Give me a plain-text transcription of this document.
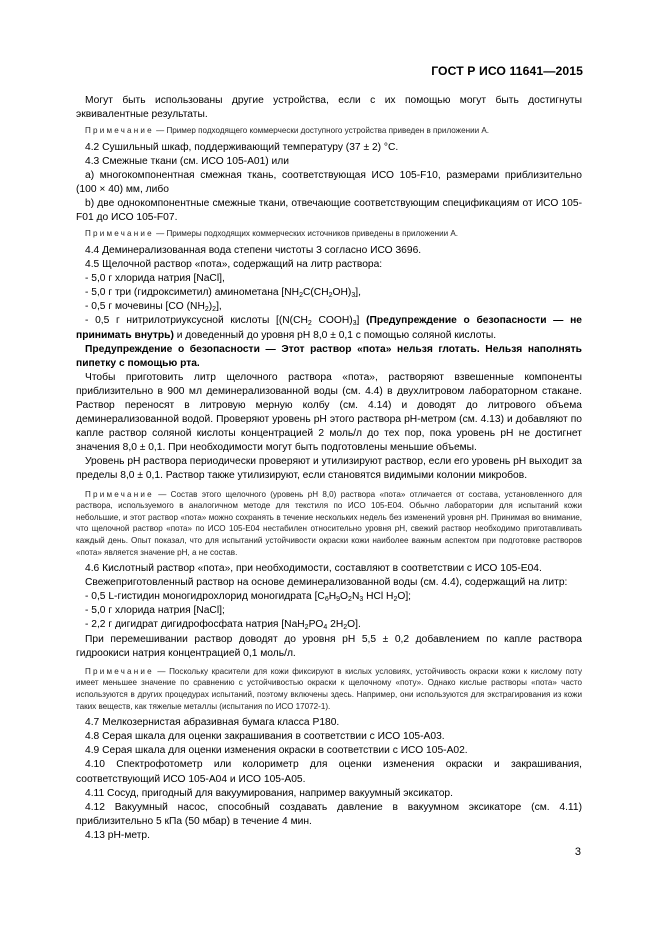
ГОСТ Р ИСО 11641—2015

Могут быть использованы другие устройства, если с их помощью могут быть достигнуты эквивалентные результаты.

Примечание — Пример подходящего коммерчески доступного устройства приведен в приложении А.

4.2 Сушильный шкаф, поддерживающий температуру (37 ± 2) °C.

4.3 Смежные ткани (см. ИСО 105-A01) или

а) многокомпонентная смежная ткань, соответствующая ИСО 105-F10, размерами приблизительно (100 × 40) мм, либо

b) две однокомпонентные смежные ткани, отвечающие соответствующим спецификациям от ИСО 105-F01 до ИСО 105-F07.

Примечание — Примеры подходящих коммерческих источников приведены в приложении А.

4.4 Деминерализованная вода степени чистоты 3 согласно ИСО 3696.

4.5 Щелочной раствор «пота», содержащий на литр раствора:

- 5,0 г хлорида натрия [NaCl],

- 5,0 г три (гидроксиметил) аминометана $[NH_2C(CH_2OH)_3]$,

- 0,5 г мочевины [CO $(NH_2)_2$],

- 0,5 г нитрилотриуксусной кислоты [($N(CH_2$ $COOH)_3$] (Предупреждение о безопасности — не принимать внутрь) и доведенный до уровня pH 8,0 ± 0,1 с помощью соляной кислоты.

Предупреждение о безопасности — Этот раствор «пота» нельзя глотать. Нельзя наполнять пипетку с помощью рта.

Чтобы приготовить литр щелочного раствора «пота», растворяют взвешенные компоненты приблизительно в 900 мл деминерализованной воды (см. 4.4) в двухлитровом лабораторном стакане. Раствор переносят в литровую мерную колбу (см. 4.14) и доводят до литрового объема деминерализованной водой. Проверяют уровень pH этого раствора pH-метром (см. 4.13) и добавляют по капле раствор соляной кислоты концентрацией 2 моль/л до тех пор, пока уровень pH не достигнет значения 8,0 ± 0,1. При необходимости могут быть подготовлены меньшие объемы.

Уровень pH раствора периодически проверяют и утилизируют раствор, если его уровень pH выходит за пределы 8,0 ± 0,1. Раствор также утилизируют, если становятся видимыми колонии микробов.

Примечание — Состав этого щелочного (уровень pH 8,0) раствора «пота» отличается от состава, установленного для раствора, используемого в аналогичном методе для текстиля по ИСО 105-E04. Обычно лаборатории для испытаний кожи небольшие, и этот раствор «пота» можно сохранять в течение нескольких недель без изменений уровня pH. Принимая во внимание, что щелочной раствор «пота» по ИСО 105-E04 нестабилен относительно уровня pH, свежий раствор необходимо приготавливать каждый день. Опыт показал, что для испытаний устойчивости окраски кожи наиболее важным аспектом при подготовке растворов «пота» является значение pH, а не состав.

4.6 Кислотный раствор «пота», при необходимости, составляют в соответствии с ИСО 105-E04.

Свежеприготовленный раствор на основе деминерализованной воды (см. 4.4), содержащий на литр:

- 0,5 L-гистидин моногидрохлорид моногидрата [$C_6H_9O_2N_3$ HCl $H_2O$];

- 5,0 г хлорида натрия [NaCl];

- 2,2 г дигидрат дигидрофосфата натрия [$NaH_2PO_4$ $2H_2O$].

При перемешивании раствор доводят до уровня pH 5,5 ± 0,2 добавлением по капле раствора гидроокиси натрия концентрацией 0,1 моль/л.

Примечание — Поскольку красители для кожи фиксируют в кислых условиях, устойчивость окраски кожи к кислому поту имеет меньшее значение по сравнению с устойчивостью окраски к щелочному «поту». Однако кислые растворы «пота» часто используются в других процедурах испытаний, поэтому включены здесь. Например, они используются для экстрагирования из кожи таких веществ, как тяжелые металлы (испытания по ИСО 17072-1).

4.7 Мелкозернистая абразивная бумага класса P180.

4.8 Серая шкала для оценки закрашивания в соответствии с ИСО 105-A03.

4.9 Серая шкала для оценки изменения окраски в соответствии с ИСО 105-A02.

4.10 Спектрофотометр или колориметр для оценки изменения окраски и закрашивания, соответствующий ИСО 105-A04 и ИСО 105-A05.

4.11 Сосуд, пригодный для вакуумирования, например вакуумный эксикатор.

4.12 Вакуумный насос, способный создавать давление в вакуумном эксикаторе (см. 4.11) приблизительно 5 кПа (50 мбар) в течение 4 мин.

4.13 pH-метр.

3
